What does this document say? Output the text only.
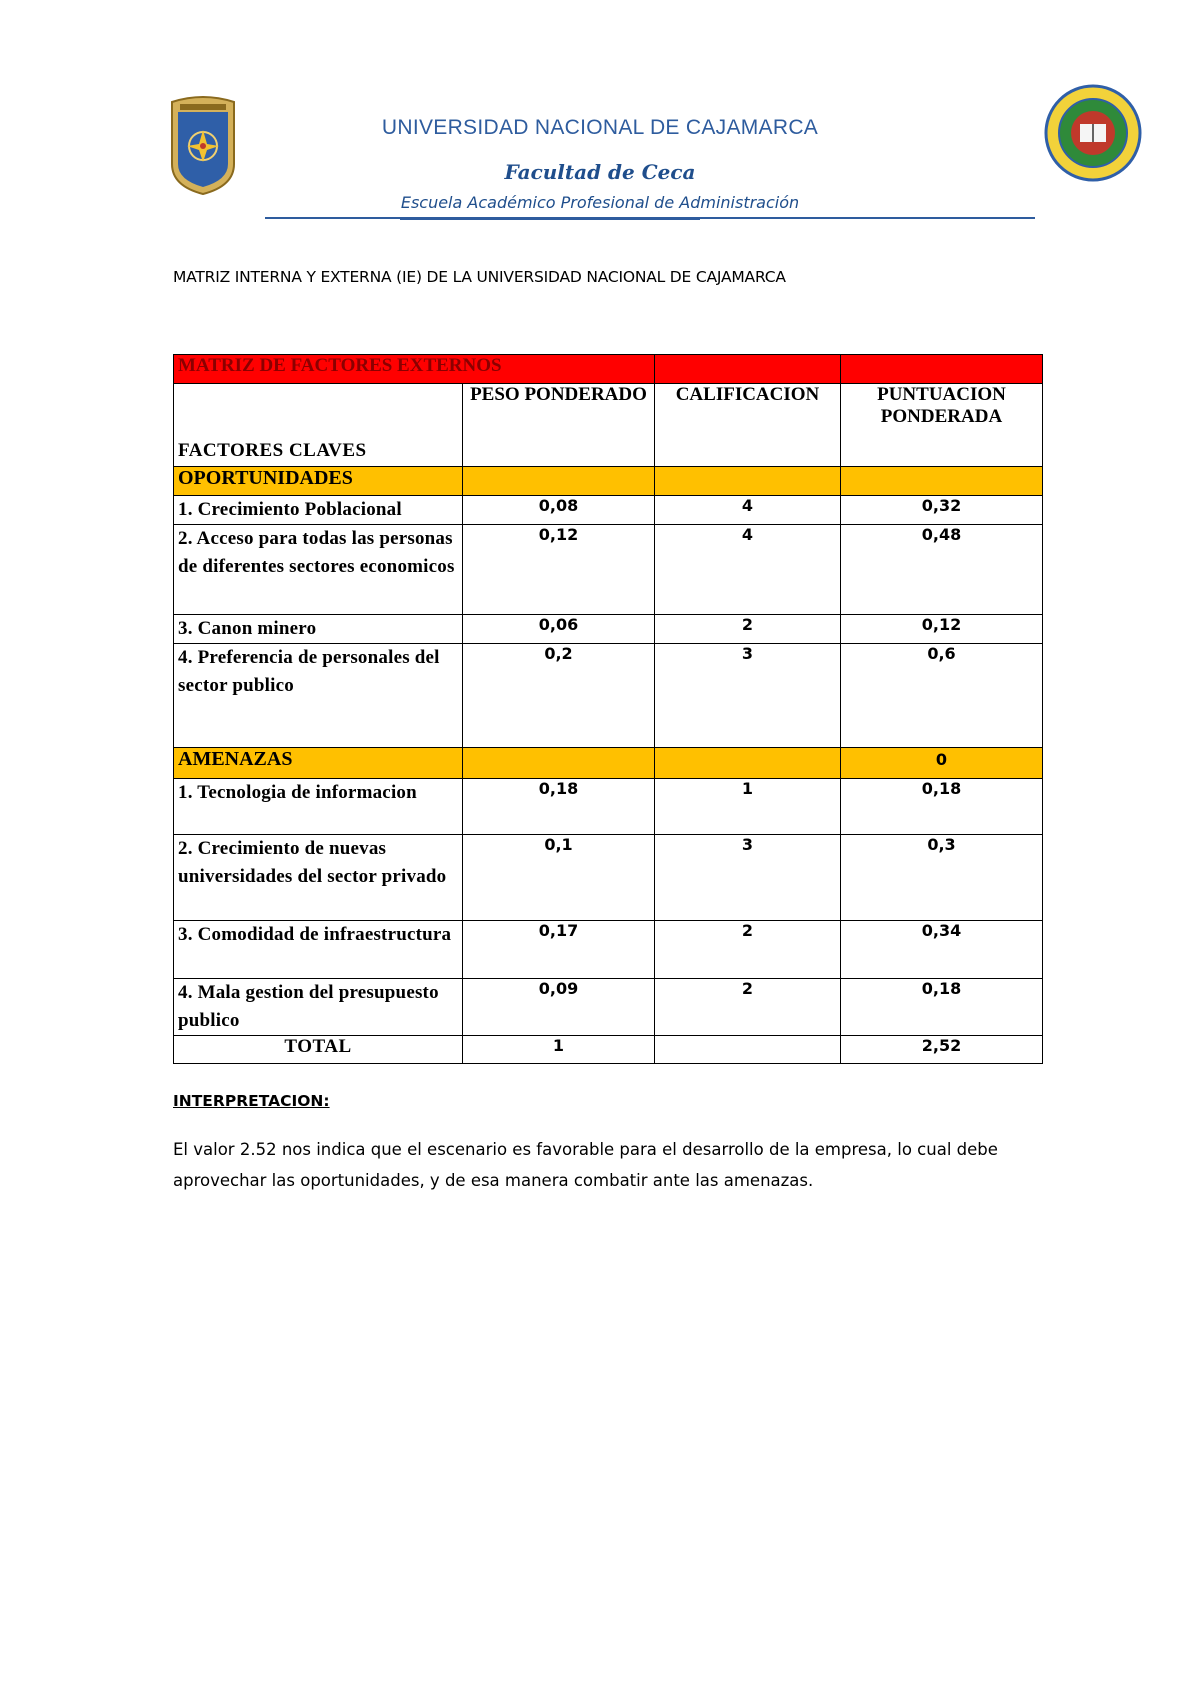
UNIVERSIDAD NACIONAL DE CAJAMARCA
Facultad de Ceca
Escuela Académico Profesional de Administración
MATRIZ INTERNA Y EXTERNA (IE) DE LA UNIVERSIDAD NACIONAL DE CAJAMARCA
MATRIZ DE FACTORES EXTERNOS			
FACTORES CLAVES	PESO PONDERADO	CALIFICACION	PUNTUACION PONDERADA
OPORTUNIDADES			
1. Crecimiento Poblacional	0,08	4	0,32
2. Acceso para todas las personas de diferentes sectores economicos	0,12	4	0,48
3. Canon minero	0,06	2	0,12
4. Preferencia de personales del sector publico	0,2	3	0,6
AMENAZAS			0
1. Tecnologia de informacion	0,18	1	0,18
2. Crecimiento de nuevas universidades del sector privado	0,1	3	0,3
3. Comodidad de infraestructura	0,17	2	0,34
4. Mala gestion del presupuesto publico	0,09	2	0,18
TOTAL	1		2,52
INTERPRETACION:
El valor 2.52 nos indica que el escenario es favorable para el desarrollo de la empresa, lo cual debe aprovechar las oportunidades, y de esa manera combatir ante las amenazas.
